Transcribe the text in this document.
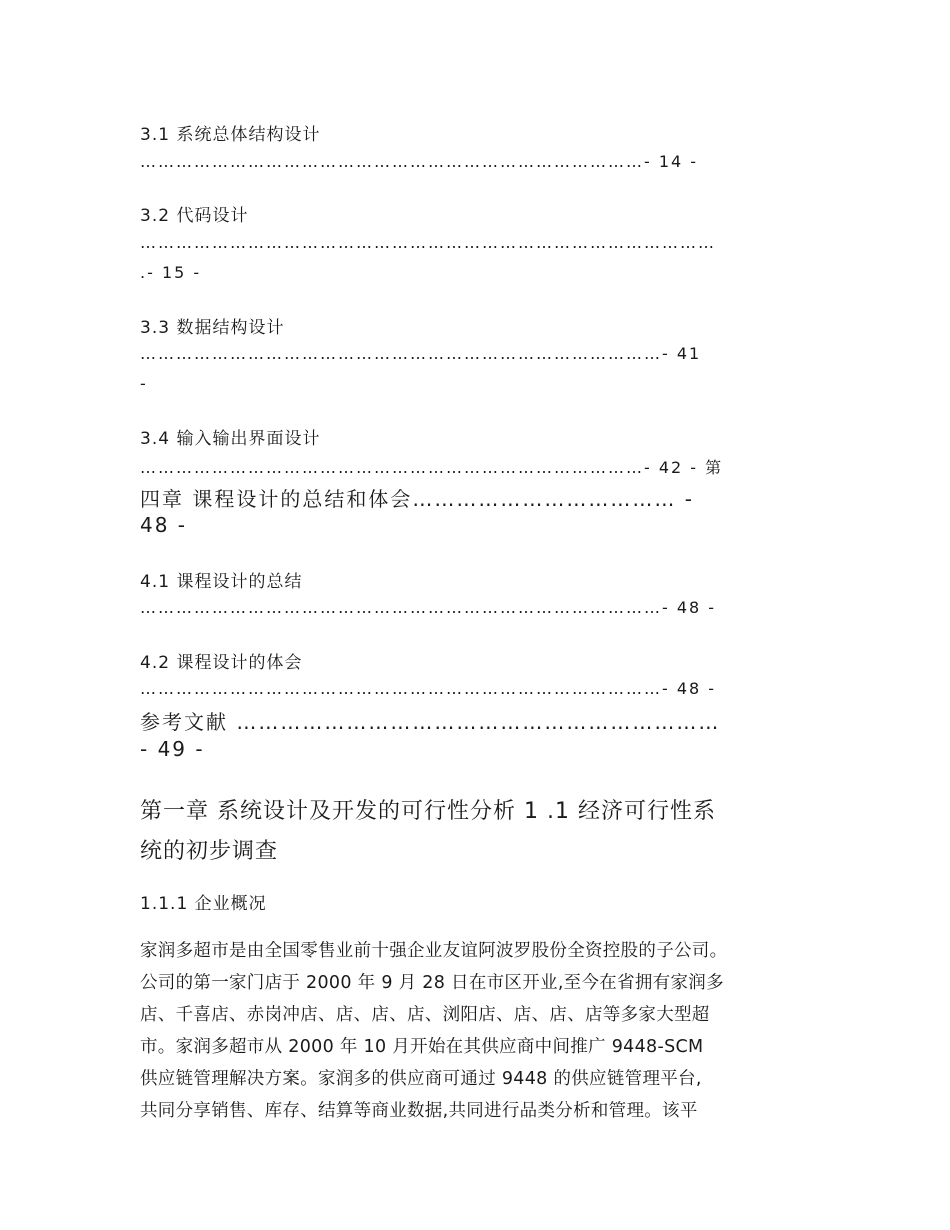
3.1 系统总体结构设计
…………………………………………………………………………- 14 -
3.2 代码设计
……………………………………………………………………………………
.- 15 -
3.3 数据结构设计
……………………………………………………………………………- 41
-
3.4 输入输出界面设计
…………………………………………………………………………- 42 - 第
四章 课程设计的总结和体会……………………………… -
48 -
4.1 课程设计的总结
……………………………………………………………………………- 48 -
4.2 课程设计的体会
……………………………………………………………………………- 48 -
参考文献 …………………………………………………………
- 49 -
第一章 系统设计及开发的可行性分析 1 .1 经济可行性系
统的初步调查
1.1.1 企业概况
家润多超市是由全国零售业前十强企业友谊阿波罗股份全资控股的子公司。
公司的第一家门店于 2000 年 9 月 28 日在市区开业,至今在省拥有家润多
店、千喜店、赤岗冲店、店、店、店、浏阳店、店、店、店等多家大型超
市。家润多超市从 2000 年 10 月开始在其供应商中间推广 9448-SCM
供应链管理解决方案。家润多的供应商可通过 9448 的供应链管理平台,
共同分享销售、库存、结算等商业数据,共同进行品类分析和管理。该平
